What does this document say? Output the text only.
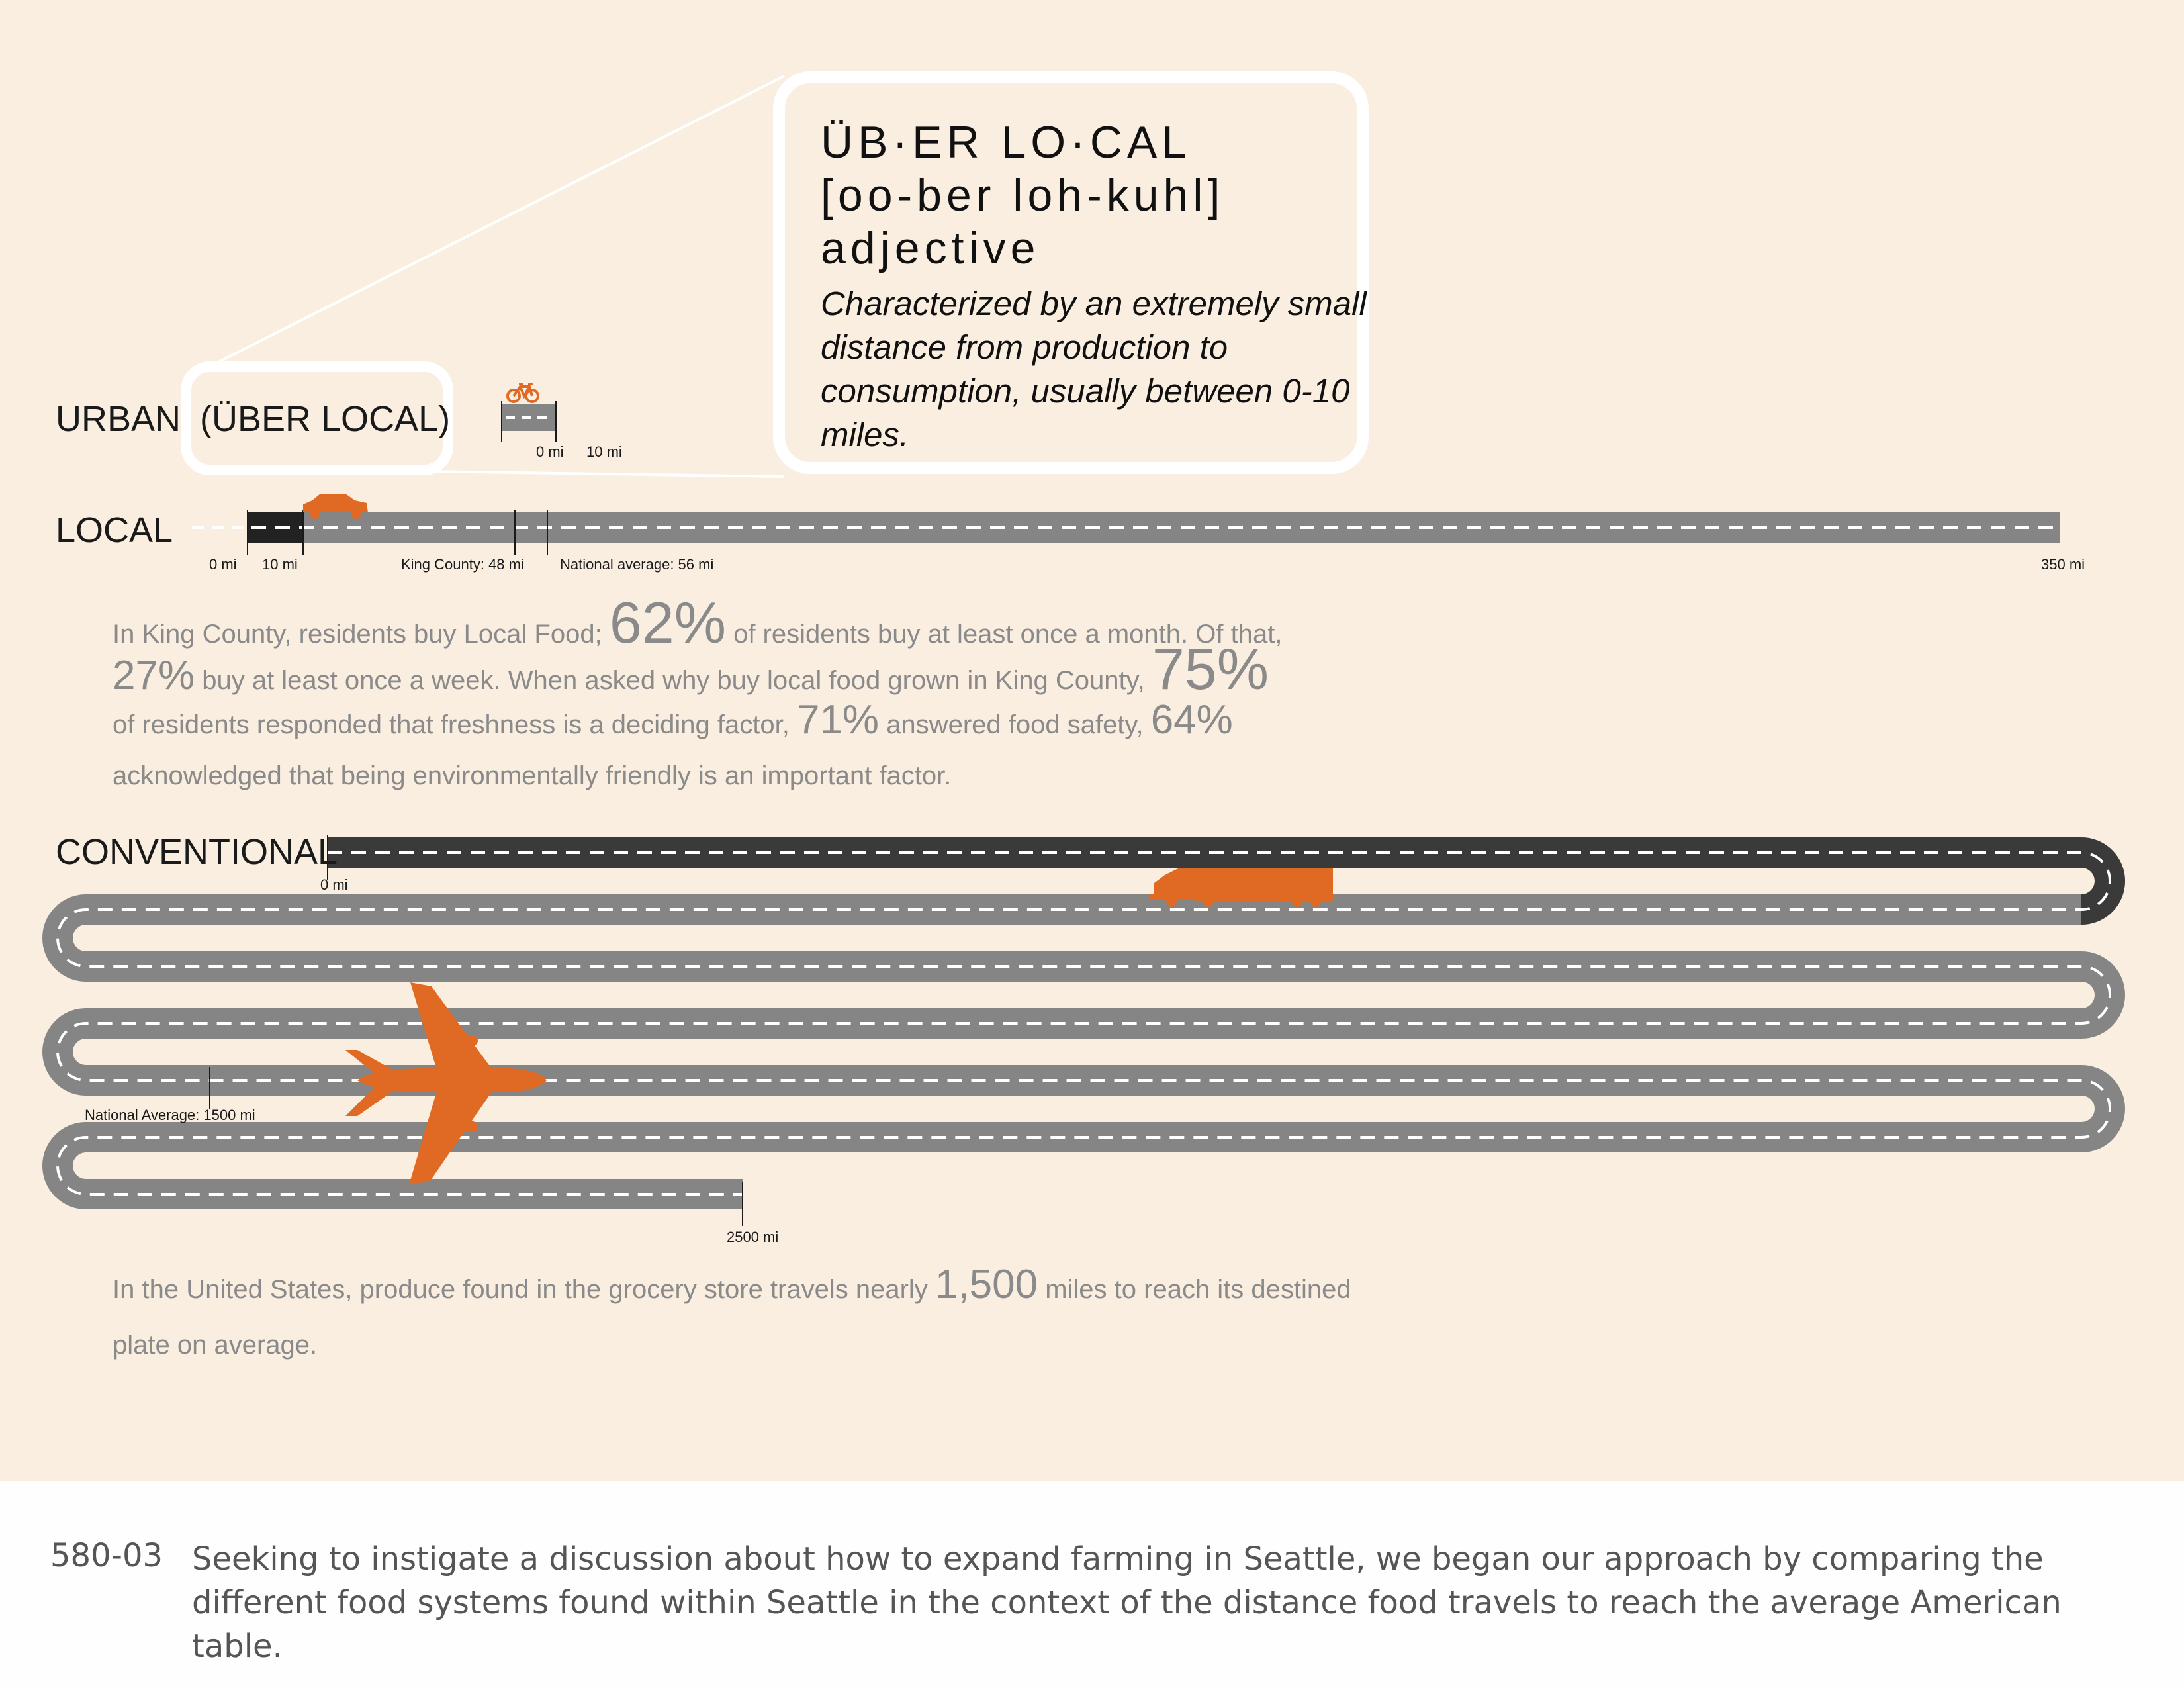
URBAN (ÜBER LOCAL)
0 mi 10 mi
ÜB·ER LO·CAL
[oo-ber loh-kuhl]
adjective
Characterized by an extremely small distance from production to consumption, usually between 0-10 miles.
LOCAL
0 mi 10 mi	King County: 48 mi National average: 56 mi	350 mi
In King County, residents buy Local Food; 62% of residents buy at least once a month. Of that,
27% buy at least once a week. When asked why buy local food grown in King County, 75%
of residents responded that freshness is a deciding factor, 71% answered food safety, 64%
acknowledged that being environmentally friendly is an important factor.
CONVENTIONAL
0 mi
National Average: 1500 mi
2500 mi
In the United States, produce found in the grocery store travels nearly 1,500 miles to reach its destined
plate on average.
580-03 Seeking to instigate a discussion about how to expand farming in Seattle, we began our approach by comparing the different food systems found within Seattle in the context of the distance food travels to reach the average American table.
